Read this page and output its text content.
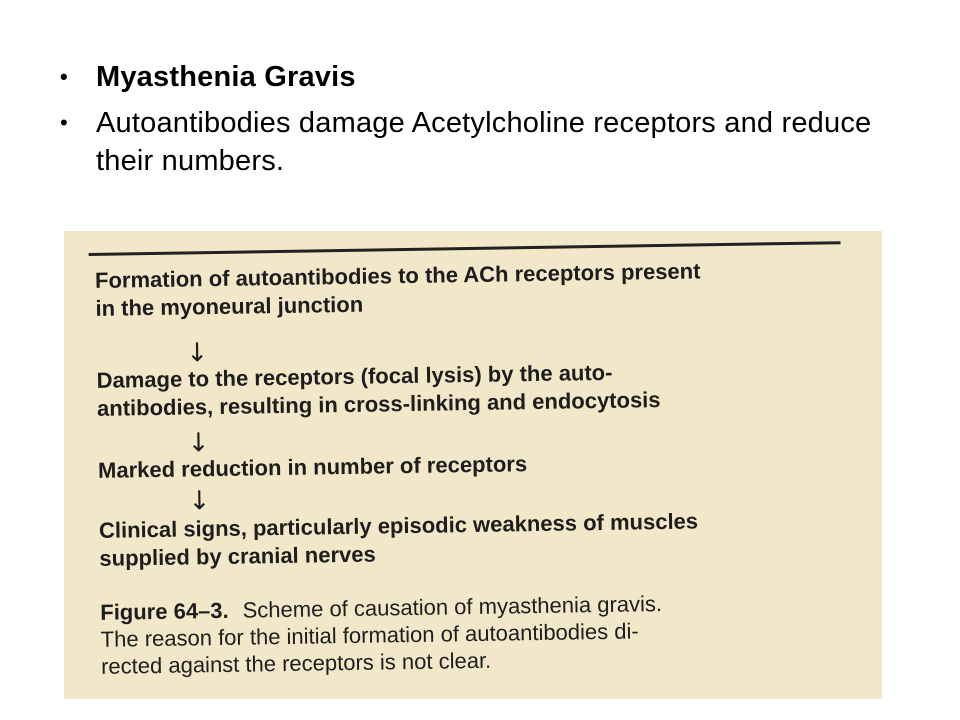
• Myasthenia Gravis
• Autoantibodies damage Acetylcholine receptors and reduce their numbers.
Formation of autoantibodies to the ACh receptors present
in the myoneural junction
↓
Damage to the receptors (focal lysis) by the auto-
antibodies, resulting in cross-linking and endocytosis
↓
Marked reduction in number of receptors
↓
Clinical signs, particularly episodic weakness of muscles
supplied by cranial nerves
Figure 64–3. Scheme of causation of myasthenia gravis.
The reason for the initial formation of autoantibodies di-
rected against the receptors is not clear.
